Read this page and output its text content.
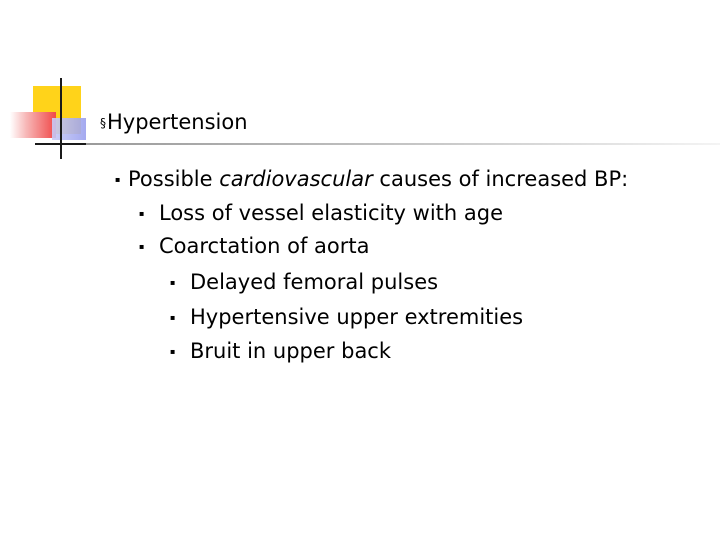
§Hypertension
▪ Possible cardiovascular causes of increased BP:
▪ Loss of vessel elasticity with age
▪ Coarctation of aorta
▪ Delayed femoral pulses
▪ Hypertensive upper extremities
▪ Bruit in upper back
